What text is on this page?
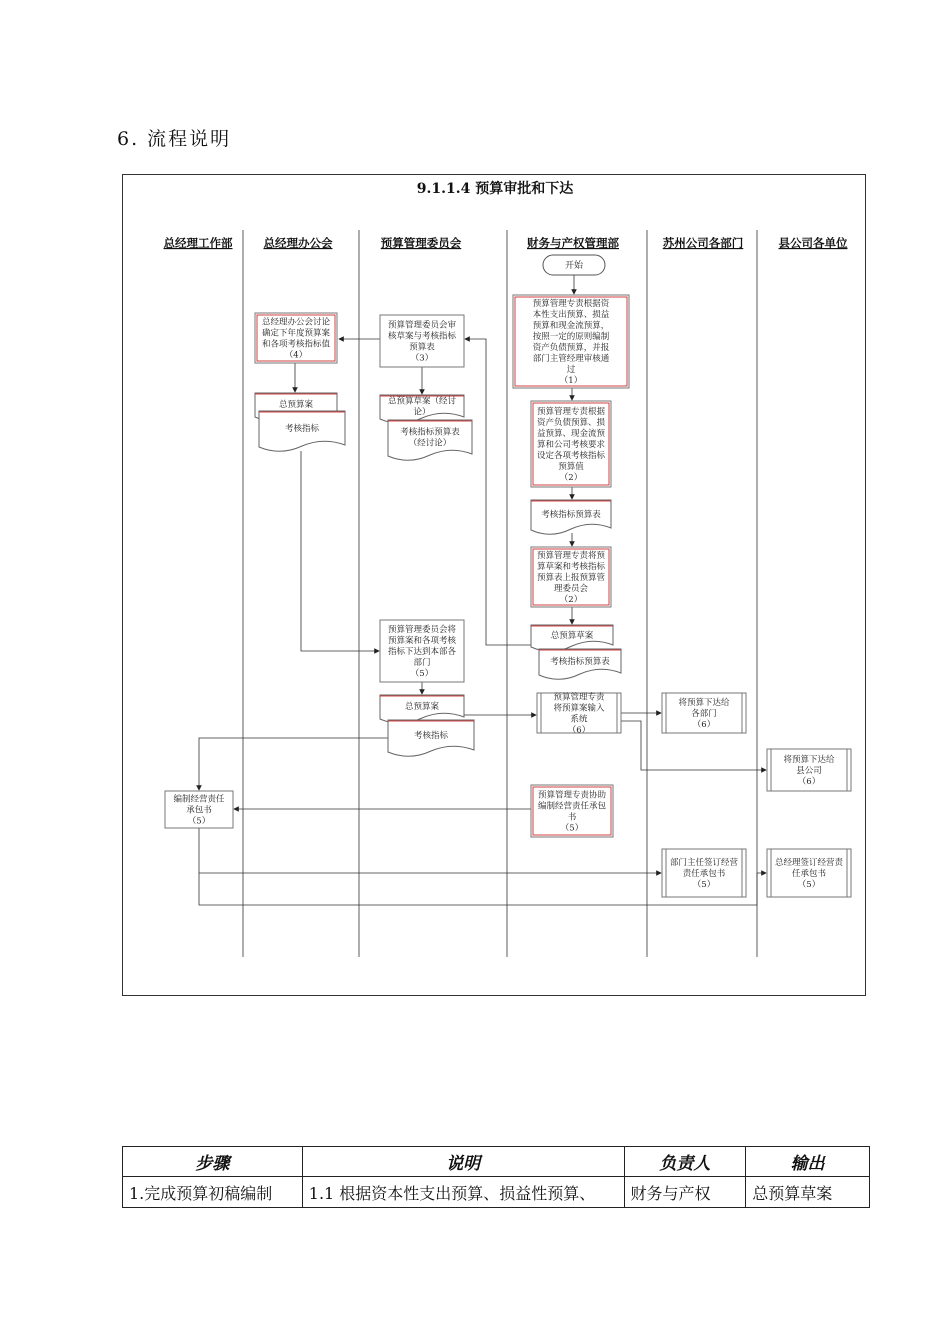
6. 流程说明
9.1.1.4 预算审批和下达
总经理工作部	总经理办公会	预算管理委员会	财务与产权管理部	苏州公司各部门	县公司各单位
开始
预算管理专责根据资本性支出预算、损益预算和现金流预算，按照一定的原则编制资产负债预算，并报部门主管经理审核通过（1）
预算管理专责根据资产负债预算、损益预算、现金流预算和公司考核要求设定各项考核指标预算值（2）
考核指标预算表
预算管理专责将预算草案和考核指标预算表上报预算管理委员会（2）
总预算草案
考核指标预算表
预算管理委员会审核草案与考核指标预算表（3）
总预算草案（经讨论）
考核指标预算表（经讨论）
总经理办公会讨论确定下年度预算案和各项考核指标值（4）
总预算案
考核指标
预算管理委员会将预算案和各项考核指标下达到本部各部门（5）
总预算案
考核指标
预算管理专责将预算案输入系统（6）
将预算下达给各部门（6）
将预算下达给县公司（6）
编制经营责任承包书（5）
预算管理专责协助编制经营责任承包书（5）
部门主任签订经营责任承包书（5）
总经理签订经营责任承包书（5）
步骤	说明	负责人	输出
1.完成预算初稿编制	1.1 根据资本性支出预算、损益性预算、	财务与产权	总预算草案
